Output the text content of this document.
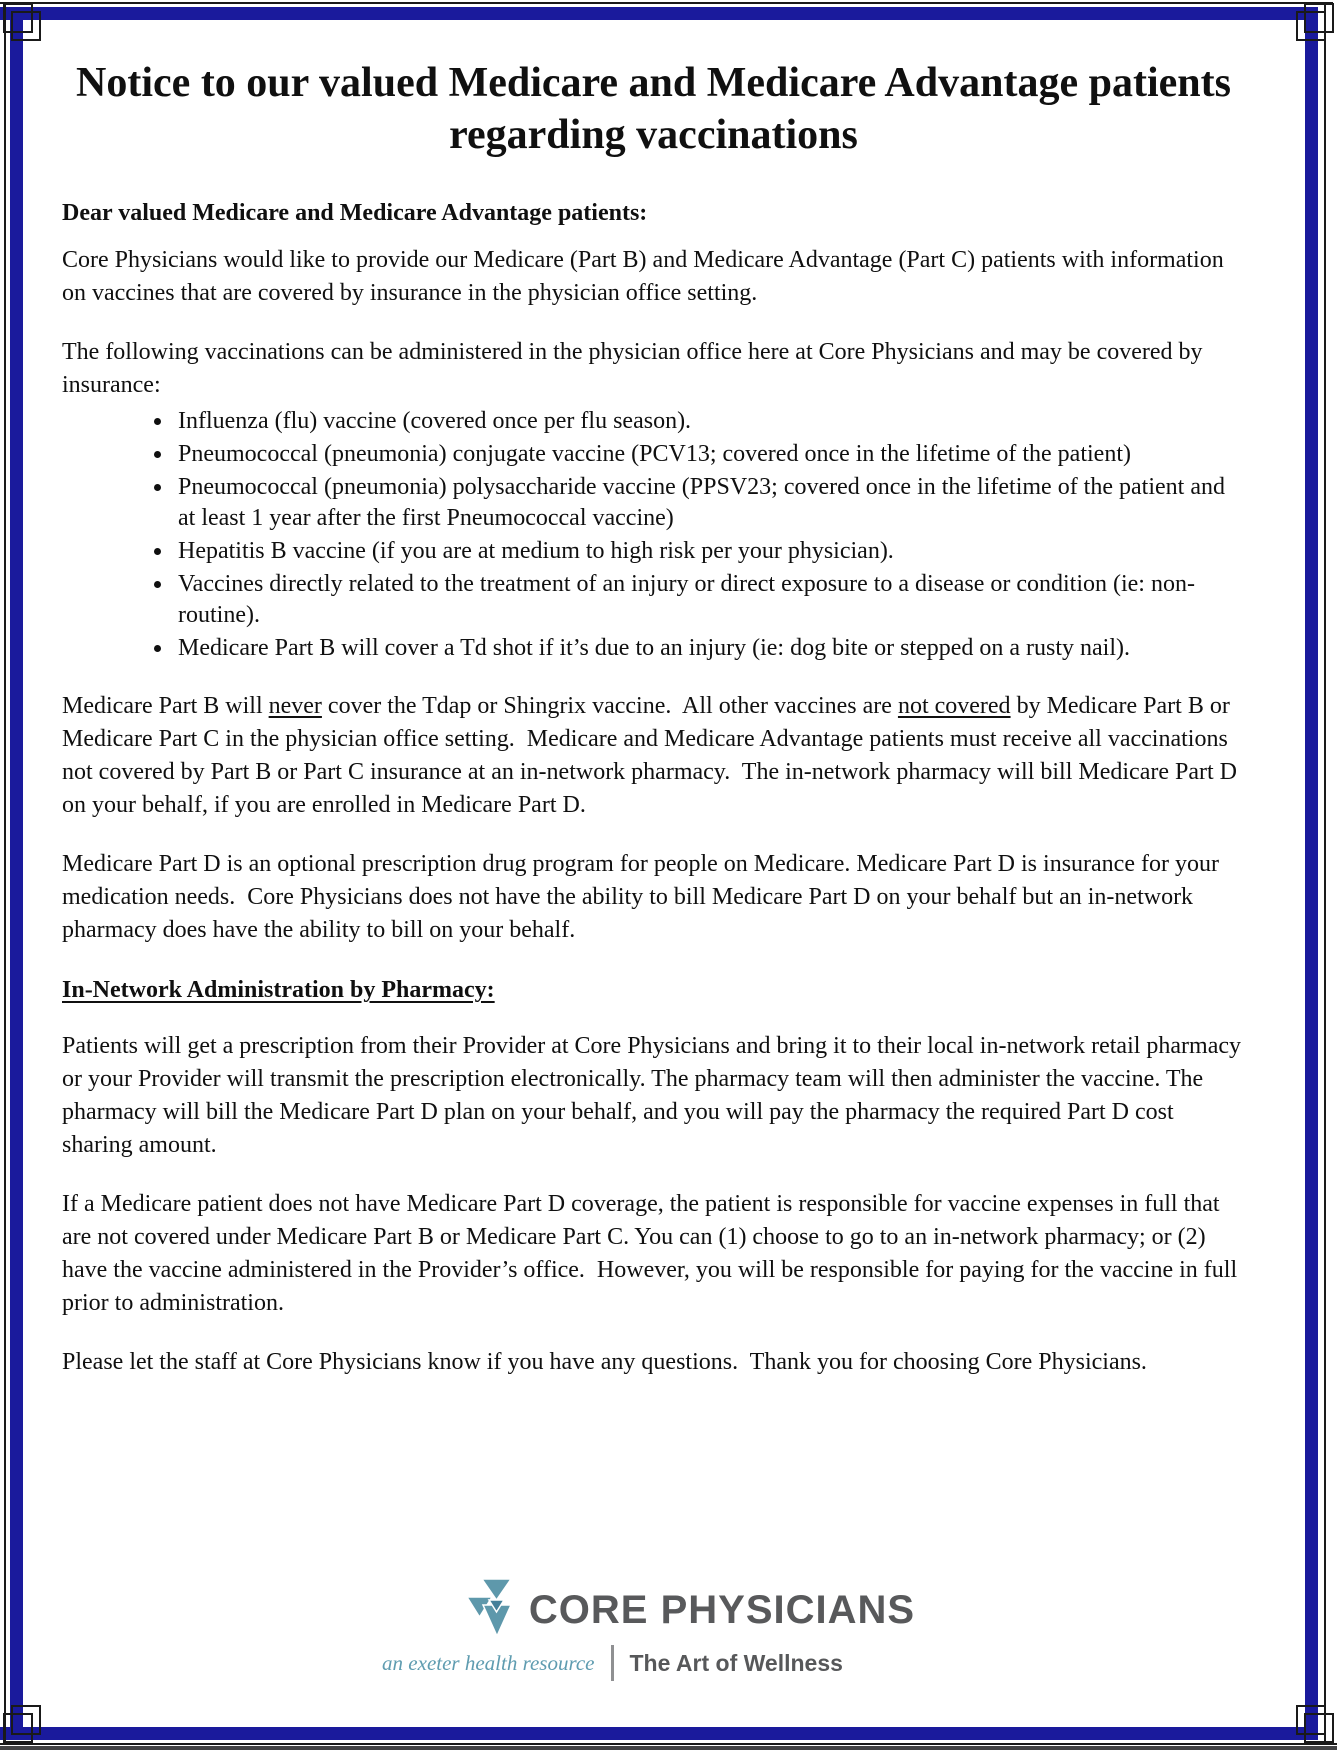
Notice to our valued Medicare and Medicare Advantage patients regarding vaccinations

Dear valued Medicare and Medicare Advantage patients:

Core Physicians would like to provide our Medicare (Part B) and Medicare Advantage (Part C) patients with information on vaccines that are covered by insurance in the physician office setting.

The following vaccinations can be administered in the physician office here at Core Physicians and may be covered by insurance:

• Influenza (flu) vaccine (covered once per flu season).
• Pneumococcal (pneumonia) conjugate vaccine (PCV13; covered once in the lifetime of the patient)
• Pneumococcal (pneumonia) polysaccharide vaccine (PPSV23; covered once in the lifetime of the patient and at least 1 year after the first Pneumococcal vaccine)
• Hepatitis B vaccine (if you are at medium to high risk per your physician).
• Vaccines directly related to the treatment of an injury or direct exposure to a disease or condition (ie: non-routine).
• Medicare Part B will cover a Td shot if it’s due to an injury (ie: dog bite or stepped on a rusty nail).

Medicare Part B will never cover the Tdap or Shingrix vaccine.  All other vaccines are not covered by Medicare Part B or Medicare Part C in the physician office setting.  Medicare and Medicare Advantage patients must receive all vaccinations not covered by Part B or Part C insurance at an in-network pharmacy.  The in-network pharmacy will bill Medicare Part D on your behalf, if you are enrolled in Medicare Part D.

Medicare Part D is an optional prescription drug program for people on Medicare. Medicare Part D is insurance for your medication needs.  Core Physicians does not have the ability to bill Medicare Part D on your behalf but an in-network pharmacy does have the ability to bill on your behalf.

In-Network Administration by Pharmacy:

Patients will get a prescription from their Provider at Core Physicians and bring it to their local in-network retail pharmacy or your Provider will transmit the prescription electronically. The pharmacy team will then administer the vaccine. The pharmacy will bill the Medicare Part D plan on your behalf, and you will pay the pharmacy the required Part D cost sharing amount.

If a Medicare patient does not have Medicare Part D coverage, the patient is responsible for vaccine expenses in full that are not covered under Medicare Part B or Medicare Part C. You can (1) choose to go to an in-network pharmacy; or (2) have the vaccine administered in the Provider’s office.  However, you will be responsible for paying for the vaccine in full prior to administration.

Please let the staff at Core Physicians know if you have any questions.  Thank you for choosing Core Physicians.

CORE PHYSICIANS
an exeter health resource The Art of Wellness
